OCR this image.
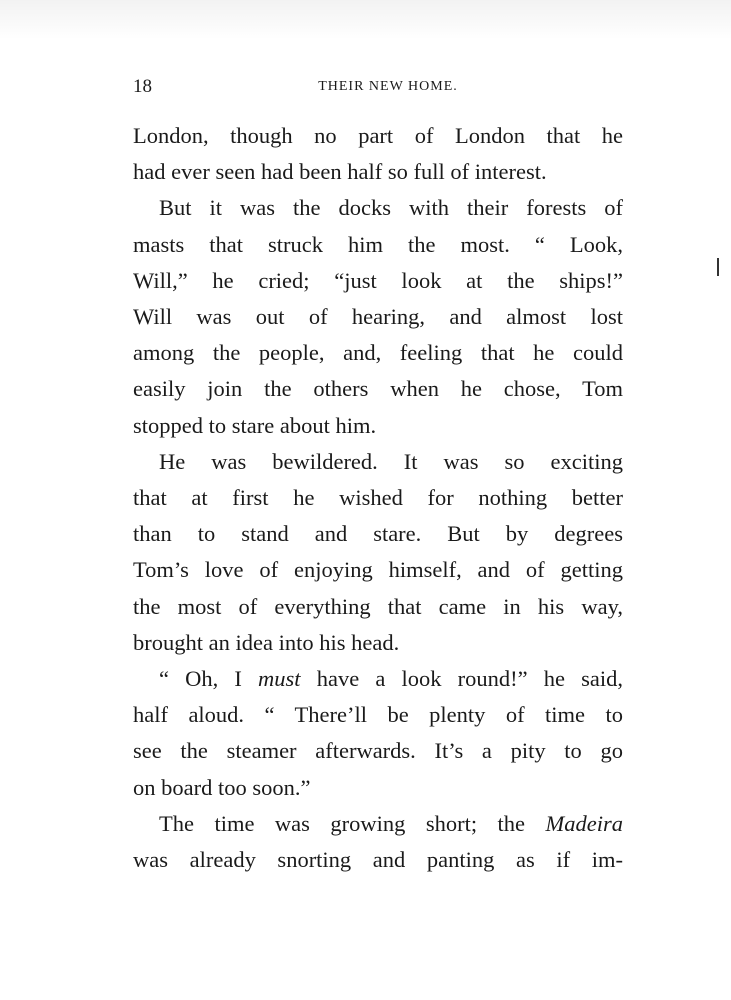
18	THEIR NEW HOME.
London, though no part of London that he
had ever seen had been half so full of interest.
But it was the docks with their forests of
masts that struck him the most. “ Look,
Will,” he cried; “just look at the ships!”
Will was out of hearing, and almost lost
among the people, and, feeling that he could
easily join the others when he chose, Tom
stopped to stare about him.
He was bewildered. It was so exciting
that at first he wished for nothing better
than to stand and stare. But by degrees
Tom’s love of enjoying himself, and of getting
the most of everything that came in his way,
brought an idea into his head.
“ Oh, I must have a look round!” he said,
half aloud. “ There’ll be plenty of time to
see the steamer afterwards. It’s a pity to go
on board too soon.”
The time was growing short; the Madeira
was already snorting and panting as if im-
